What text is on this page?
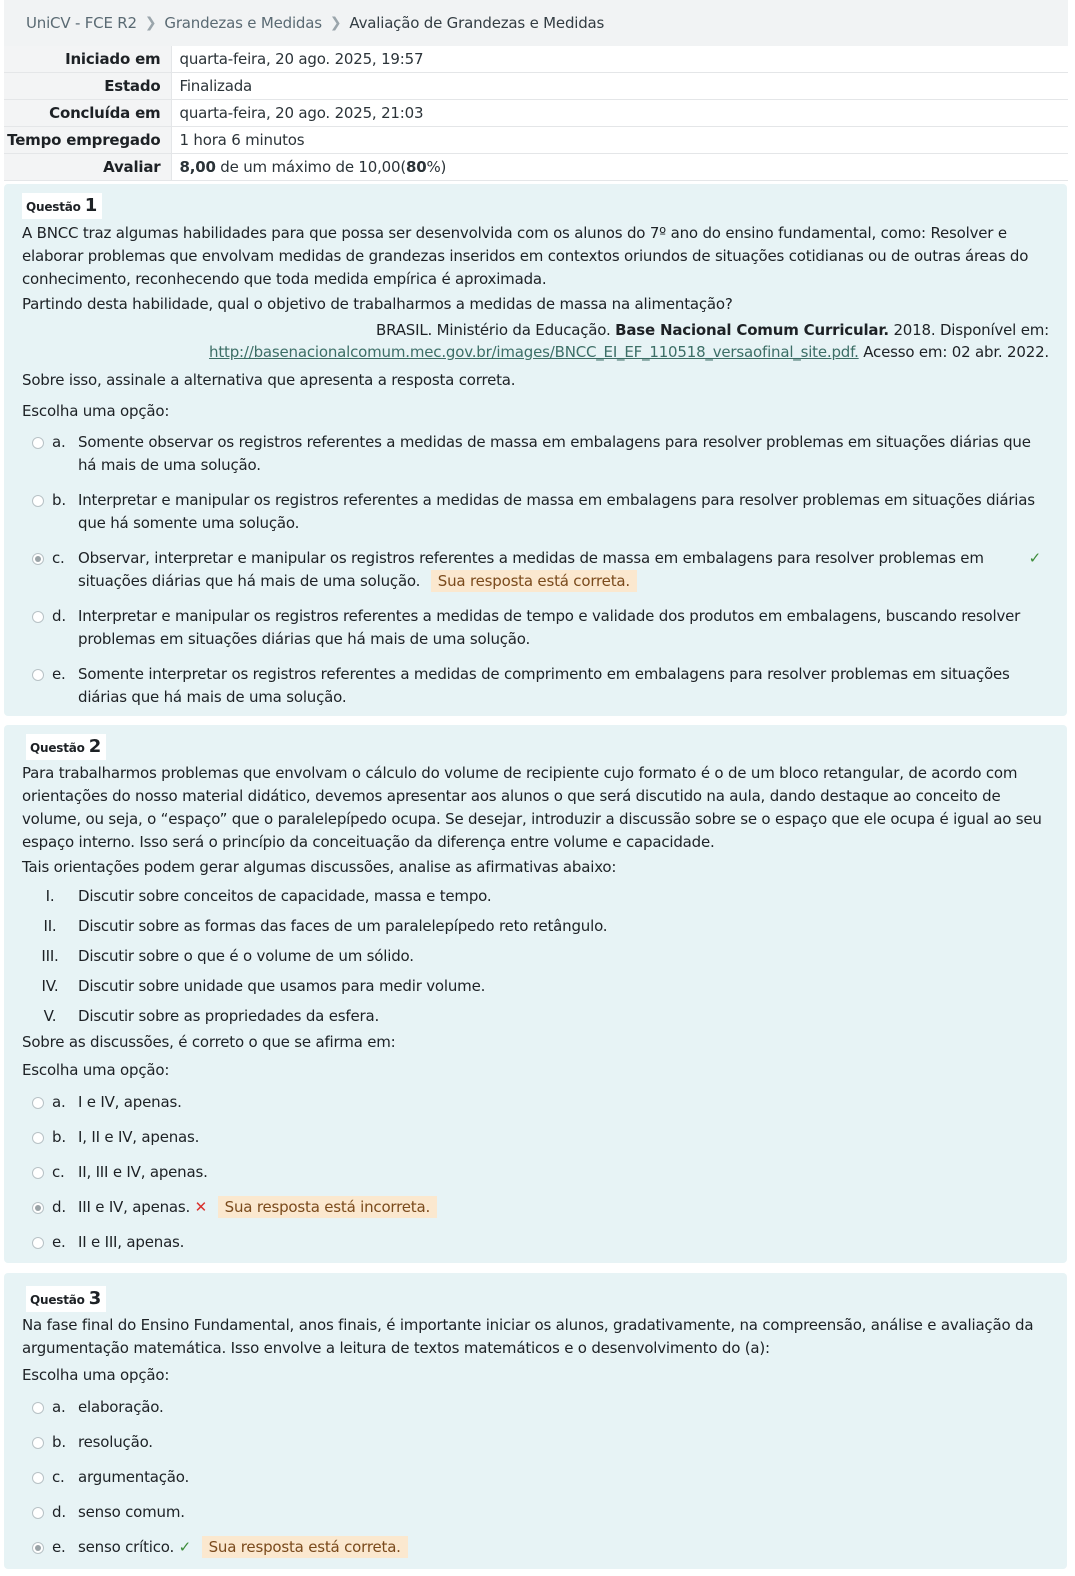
UniCV - FCE R2 ❯ Grandezas e Medidas ❯ Avaliação de Grandezas e Medidas
Iniciado em	quarta-feira, 20 ago. 2025, 19:57
Estado	Finalizada
Concluída em	quarta-feira, 20 ago. 2025, 21:03
Tempo empregado	1 hora 6 minutos
Avaliar	8,00 de um máximo de 10,00(80%)
Questão 1

A BNCC traz algumas habilidades para que possa ser desenvolvida com os alunos do 7º ano do ensino fundamental, como: Resolver e elaborar problemas que envolvam medidas de grandezas inseridos em contextos oriundos de situações cotidianas ou de outras áreas do conhecimento, reconhecendo que toda medida empírica é aproximada.

Partindo desta habilidade, qual o objetivo de trabalharmos a medidas de massa na alimentação?

BRASIL. Ministério da Educação. Base Nacional Comum Curricular. 2018. Disponível em:
http://basenacionalcomum.mec.gov.br/images/BNCC_EI_EF_110518_versaofinal_site.pdf. Acesso em: 02 abr. 2022.

Sobre isso, assinale a alternativa que apresenta a resposta correta.

Escolha uma opção:

a. Somente observar os registros referentes a medidas de massa em embalagens para resolver problemas em situações diárias que há mais de uma solução.
b. Interpretar e manipular os registros referentes a medidas de massa em embalagens para resolver problemas em situações diárias que há somente uma solução.
c. Observar, interpretar e manipular os registros referentes a medidas de massa em embalagens para resolver problemas em situações diárias que há mais de uma solução. Sua resposta está correta.
✓
d. Interpretar e manipular os registros referentes a medidas de tempo e validade dos produtos em embalagens, buscando resolver problemas em situações diárias que há mais de uma solução.
e. Somente interpretar os registros referentes a medidas de comprimento em embalagens para resolver problemas em situações diárias que há mais de uma solução.
Questão 2

Para trabalharmos problemas que envolvam o cálculo do volume de recipiente cujo formato é o de um bloco retangular, de acordo com orientações do nosso material didático, devemos apresentar aos alunos o que será discutido na aula, dando destaque ao conceito de volume, ou seja, o “espaço” que o paralelepípedo ocupa. Se desejar, introduzir a discussão sobre se o espaço que ele ocupa é igual ao seu espaço interno. Isso será o princípio da conceituação da diferença entre volume e capacidade.

Tais orientações podem gerar algumas discussões, analise as afirmativas abaixo:

I.	Discutir sobre conceitos de capacidade, massa e tempo.
II.	Discutir sobre as formas das faces de um paralelepípedo reto retângulo.
III.	Discutir sobre o que é o volume de um sólido.
IV.	Discutir sobre unidade que usamos para medir volume.
V.	Discutir sobre as propriedades da esfera.

Sobre as discussões, é correto o que se afirma em:

Escolha uma opção:

a. I e IV, apenas.
b. I, II e IV, apenas.
c. II, III e IV, apenas.
d. III e IV, apenas. ✕ Sua resposta está incorreta.
e. II e III, apenas.
Questão 3

Na fase final do Ensino Fundamental, anos finais, é importante iniciar os alunos, gradativamente, na compreensão, análise e avaliação da argumentação matemática. Isso envolve a leitura de textos matemáticos e o desenvolvimento do (a):

Escolha uma opção:

a. elaboração.
b. resolução.
c. argumentação.
d. senso comum.
e. senso crítico. ✓ Sua resposta está correta.
